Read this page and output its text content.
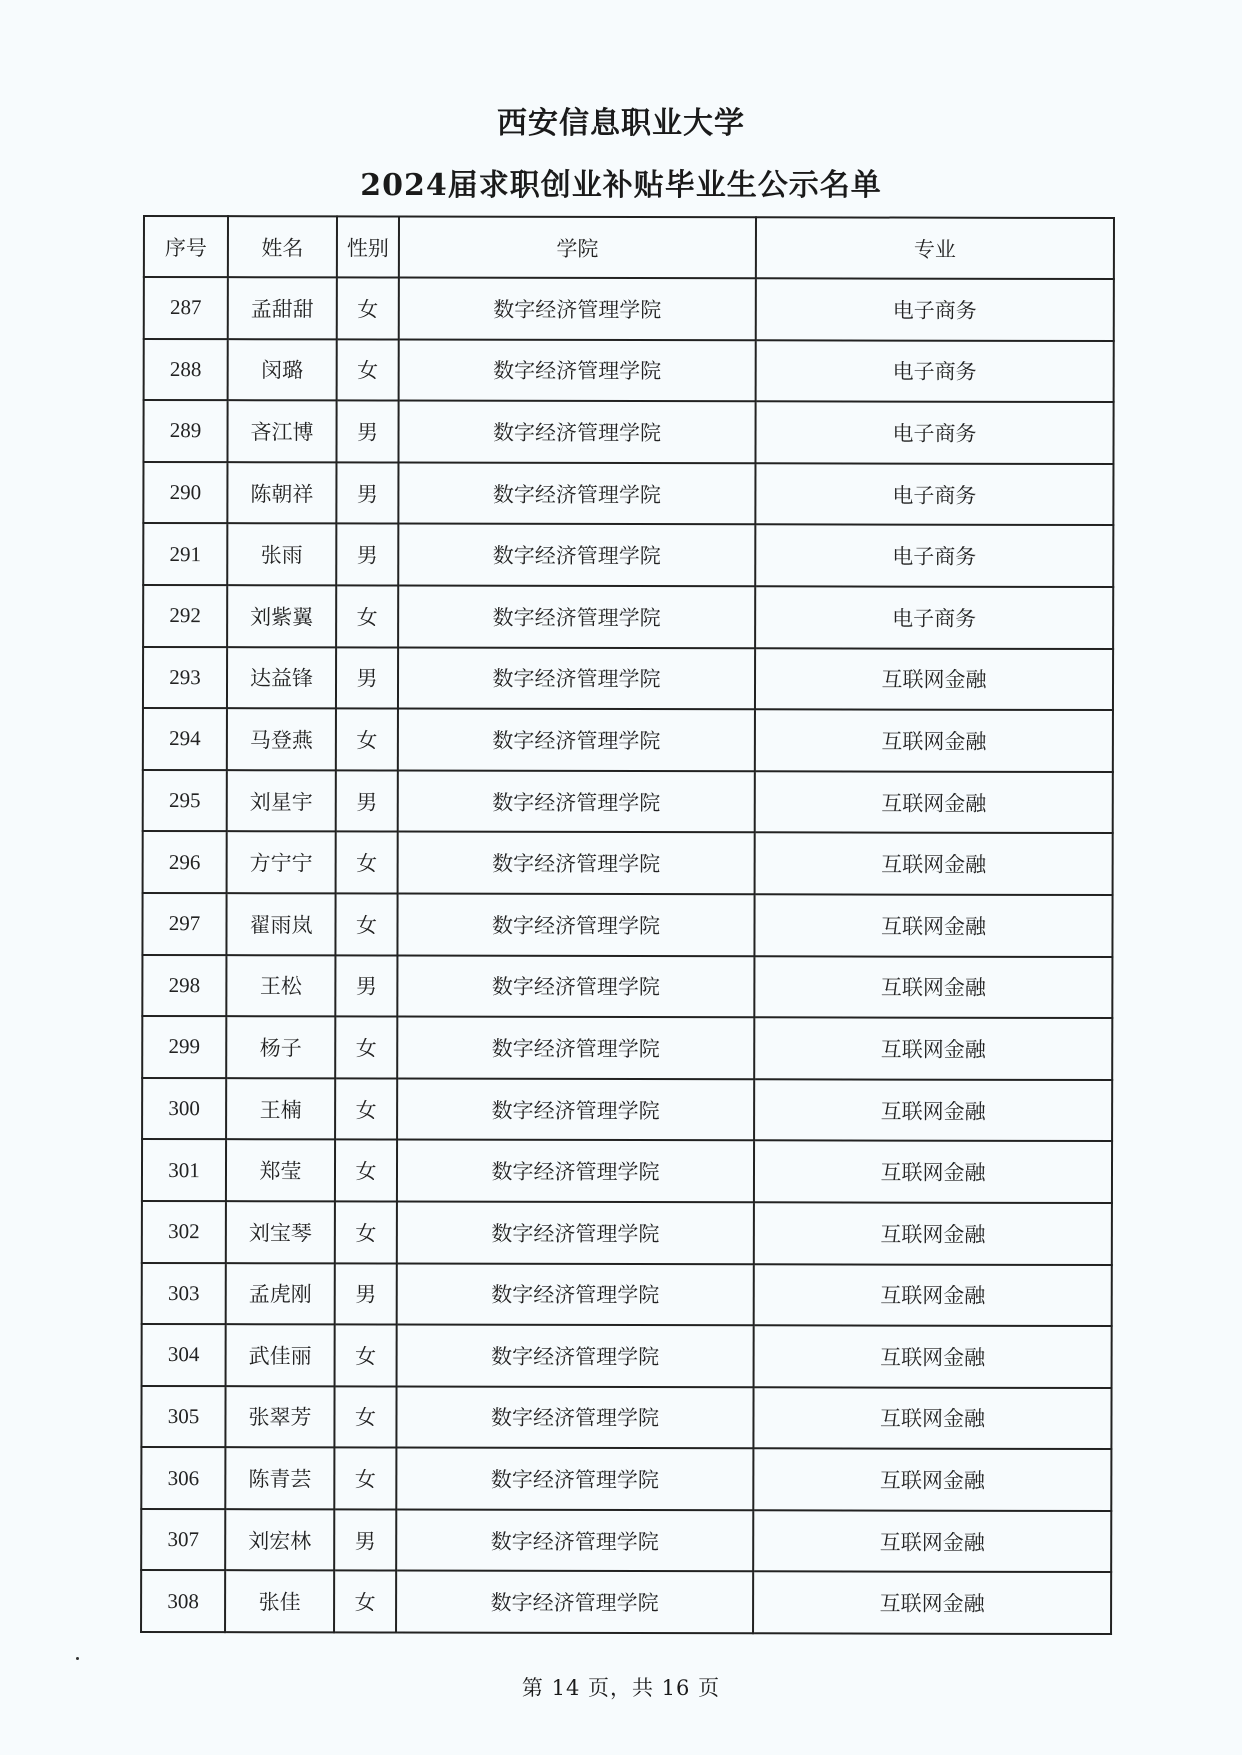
西安信息职业大学
2024届求职创业补贴毕业生公示名单
序号	姓名	性别	学院	专业
287	孟甜甜	女	数字经济管理学院	电子商务
288	闵璐	女	数字经济管理学院	电子商务
289	吝江博	男	数字经济管理学院	电子商务
290	陈朝祥	男	数字经济管理学院	电子商务
291	张雨	男	数字经济管理学院	电子商务
292	刘紫翼	女	数字经济管理学院	电子商务
293	达益锋	男	数字经济管理学院	互联网金融
294	马登燕	女	数字经济管理学院	互联网金融
295	刘星宇	男	数字经济管理学院	互联网金融
296	方宁宁	女	数字经济管理学院	互联网金融
297	翟雨岚	女	数字经济管理学院	互联网金融
298	王松	男	数字经济管理学院	互联网金融
299	杨子	女	数字经济管理学院	互联网金融
300	王楠	女	数字经济管理学院	互联网金融
301	郑莹	女	数字经济管理学院	互联网金融
302	刘宝琴	女	数字经济管理学院	互联网金融
303	孟虎刚	男	数字经济管理学院	互联网金融
304	武佳丽	女	数字经济管理学院	互联网金融
305	张翠芳	女	数字经济管理学院	互联网金融
306	陈青芸	女	数字经济管理学院	互联网金融
307	刘宏林	男	数字经济管理学院	互联网金融
308	张佳	女	数字经济管理学院	互联网金融
第 14 页，共 16 页
